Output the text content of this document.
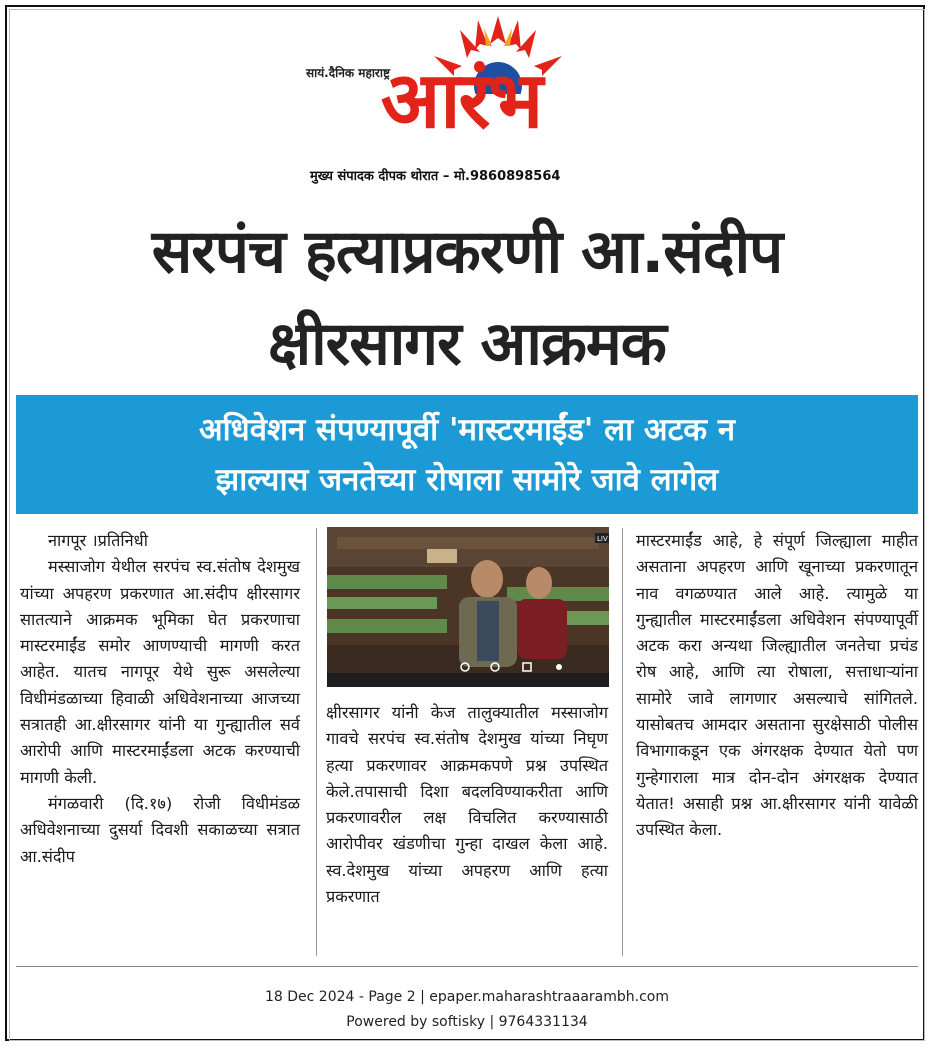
सायं.दैनिक महाराष्ट्र
आरंभ
मुख्य संपादक दीपक थोरात – मो.9860898564
सरपंच हत्याप्रकरणी आ.संदीप
क्षीरसागर आक्रमक
अधिवेशन संपण्यापूर्वी 'मास्टरमाईंड' ला अटक न
झाल्यास जनतेच्या रोषाला सामोरे जावे लागेल

नागपूर ।प्रतिनिधी

मस्साजोग येथील सरपंच स्व.संतोष देशमुख यांच्या अपहरण प्रकरणात आ.संदीप क्षीरसागर सातत्याने आक्रमक भूमिका घेत प्रकरणाचा मास्टरमाईंड समोर आणण्याची मागणी करत आहेत. यातच नागपूर येथे सुरू असलेल्या विधीमंडळाच्या हिवाळी अधिवेशनाच्या आजच्या सत्रातही आ.क्षीरसागर यांनी या गुन्ह्यातील सर्व आरोपी आणि मास्टरमाईंडला अटक करण्याची मागणी केली.

मंगळवारी (दि.१७) रोजी विधीमंडळ अधिवेशनाच्या दुसर्या दिवशी सकाळच्या सत्रात आ.संदीप

LIV

क्षीरसागर यांनी केज तालुक्यातील मस्साजोग गावचे सरपंच स्व.संतोष देशमुख यांच्या निघृण हत्या प्रकरणावर आक्रमकपणे प्रश्न उपस्थित केले.तपासाची दिशा बदलविण्याकरीता आणि प्रकरणावरील लक्ष विचलित करण्यासाठी आरोपीवर खंडणीचा गुन्हा दाखल केला आहे. स्व.देशमुख यांच्या अपहरण आणि हत्या प्रकरणात

मास्टरमाईंड आहे, हे संपूर्ण जिल्ह्याला माहीत असताना अपहरण आणि खूनाच्या प्रकरणातून नाव वगळण्यात आले आहे. त्यामुळे या गुन्ह्यातील मास्टरमाईंडला अधिवेशन संपण्यापूर्वी अटक करा अन्यथा जिल्ह्यातील जनतेचा प्रचंड रोष आहे, आणि त्या रोषाला, सत्ताधाऱ्यांना सामोरे जावे लागणार असल्याचे सांगितले. यासोबतच आमदार असताना सुरक्षेसाठी पोलीस विभागाकडून एक अंगरक्षक देण्यात येतो पण गुन्हेगाराला मात्र दोन-दोन अंगरक्षक देण्यात येतात! असाही प्रश्न आ.क्षीरसागर यांनी यावेळी उपस्थित केला.

18 Dec 2024 - Page 2 | epaper.maharashtraaarambh.com
Powered by softisky | 9764331134
